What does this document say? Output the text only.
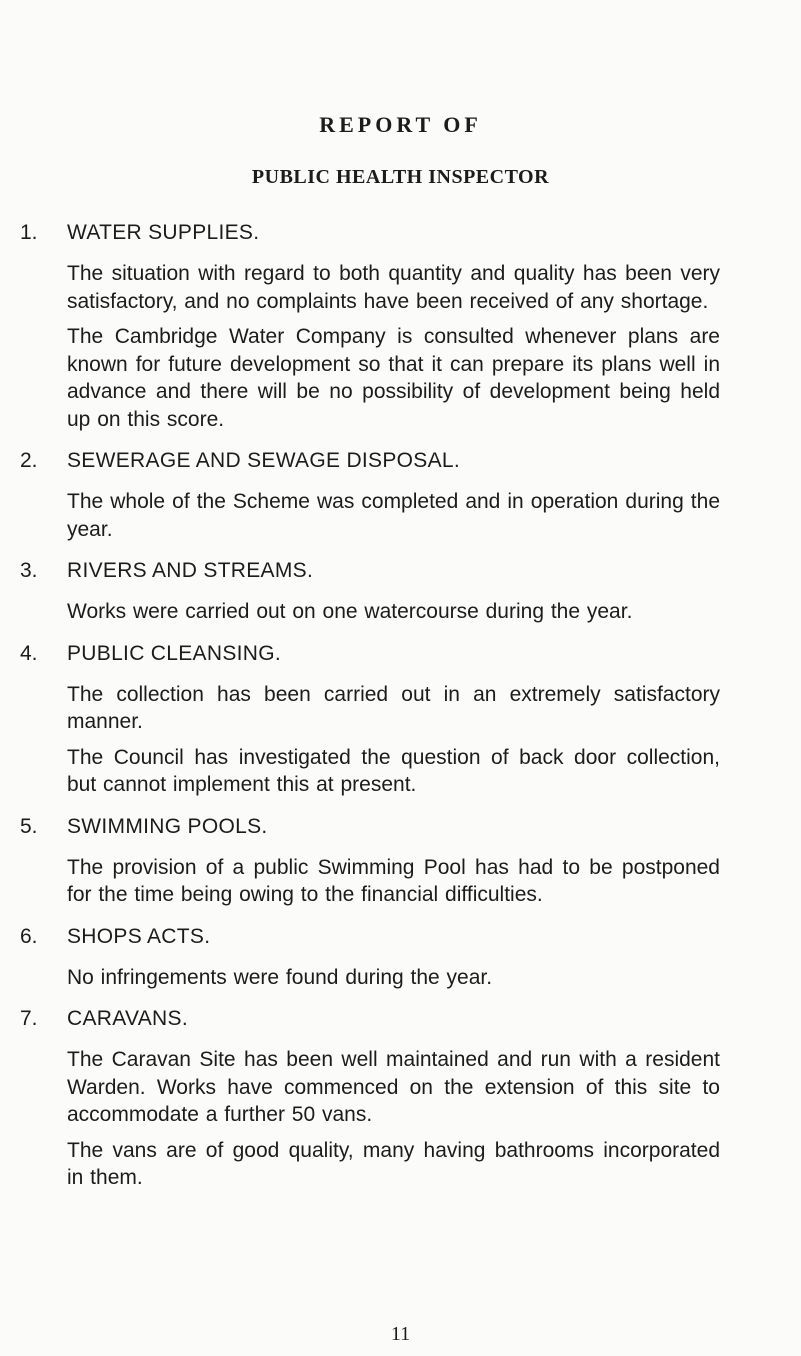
REPORT OF
PUBLIC HEALTH INSPECTOR
1.	WATER SUPPLIES.

The situation with regard to both quantity and quality has been very satisfactory, and no complaints have been received of any shortage.

The Cambridge Water Company is consulted whenever plans are known for future development so that it can prepare its plans well in advance and there will be no possibility of development being held up on this score.

2.	SEWERAGE AND SEWAGE DISPOSAL.

The whole of the Scheme was completed and in operation during the year.

3.	RIVERS AND STREAMS.

Works were carried out on one watercourse during the year.

4.	PUBLIC CLEANSING.

The collection has been carried out in an extremely satisfactory manner.

The Council has investigated the question of back door collection, but cannot implement this at present.

5.	SWIMMING POOLS.

The provision of a public Swimming Pool has had to be postponed for the time being owing to the financial difficulties.

6.	SHOPS ACTS.

No infringements were found during the year.

7.	CARAVANS.

The Caravan Site has been well maintained and run with a resident Warden. Works have commenced on the extension of this site to accommodate a further 50 vans.

The vans are of good quality, many having bathrooms incorporated in them.

11
